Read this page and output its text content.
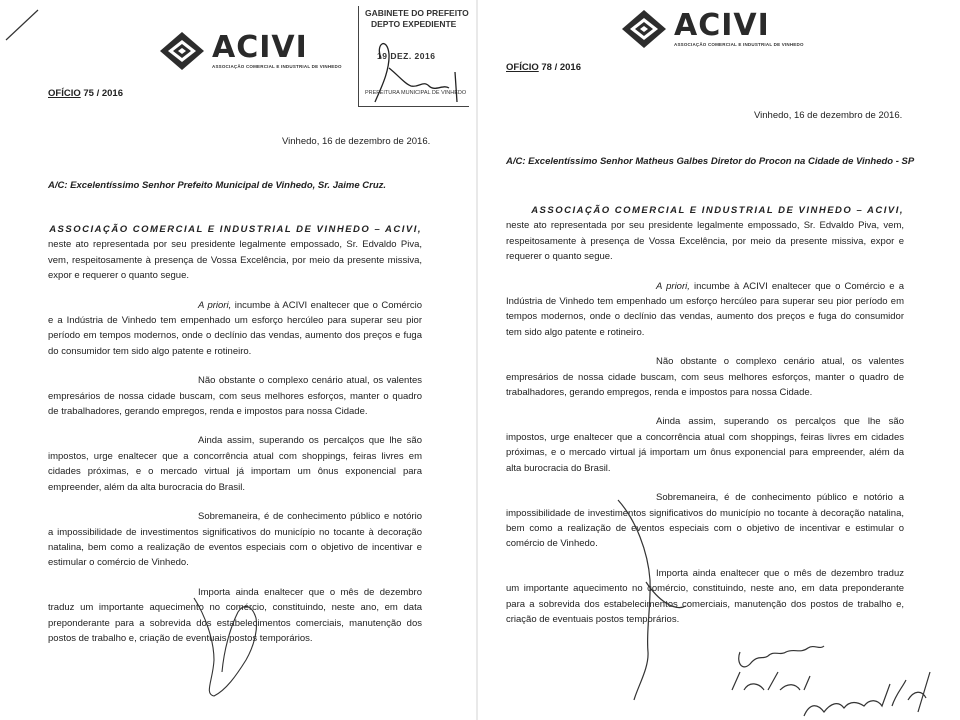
ACIVI
ASSOCIAÇÃO COMERCIAL E INDUSTRIAL DE VINHEDO
OFÍCIO 75 / 2016
Vinhedo, 16 de dezembro de 2016.
A/C: Excelentíssimo Senhor Prefeito Municipal de Vinhedo, Sr. Jaime Cruz.

ASSOCIAÇÃO COMERCIAL E INDUSTRIAL DE VINHEDO – ACIVI,
neste ato representada por seu presidente legalmente empossado, Sr. Edvaldo Piva, vem, respeitosamente à presença de Vossa Excelência, por meio da presente missiva, expor e requerer o quanto segue.

A priori, incumbe à ACIVI enaltecer que o Comércio e a Indústria de Vinhedo tem empenhado um esforço hercúleo para superar seu pior período em tempos modernos, onde o declínio das vendas, aumento dos preços e fuga do consumidor tem sido algo patente e rotineiro.

Não obstante o complexo cenário atual, os valentes empresários de nossa cidade buscam, com seus melhores esforços, manter o quadro de trabalhadores, gerando empregos, renda e impostos para nossa Cidade.

Ainda assim, superando os percalços que lhe são impostos, urge enaltecer que a concorrência atual com shoppings, feiras livres em cidades próximas, e o mercado virtual já importam um ônus exponencial para empreender, além da alta burocracia do Brasil.

Sobremaneira, é de conhecimento público e notório a impossibilidade de investimentos significativos do município no tocante à decoração natalina, bem como a realização de eventos especiais com o objetivo de incentivar e estimular o comércio de Vinhedo.

Importa ainda enaltecer que o mês de dezembro traduz um importante aquecimento no comércio, constituindo, neste ano, em data preponderante para a sobrevida dos estabelecimentos comerciais, manutenção dos postos de trabalho e, criação de eventuais postos temporários.

GABINETE DO PREFEITO
DEPTO EXPEDIENTE
19 DEZ. 2016
PREFEITURA MUNICIPAL DE VINHEDO
ACIVI
ASSOCIAÇÃO COMERCIAL E INDUSTRIAL DE VINHEDO
OFÍCIO 78 / 2016
Vinhedo, 16 de dezembro de 2016.
A/C: Excelentíssimo Senhor Matheus Galbes Diretor do Procon na Cidade de Vinhedo - SP

ASSOCIAÇÃO COMERCIAL E INDUSTRIAL DE VINHEDO – ACIVI,
neste ato representada por seu presidente legalmente empossado, Sr. Edvaldo Piva, vem, respeitosamente à presença de Vossa Excelência, por meio da presente missiva, expor e requerer o quanto segue.

A priori, incumbe à ACIVI enaltecer que o Comércio e a Indústria de Vinhedo tem empenhado um esforço hercúleo para superar seu pior período em tempos modernos, onde o declínio das vendas, aumento dos preços e fuga do consumidor tem sido algo patente e rotineiro.

Não obstante o complexo cenário atual, os valentes empresários de nossa cidade buscam, com seus melhores esforços, manter o quadro de trabalhadores, gerando empregos, renda e impostos para nossa Cidade.

Ainda assim, superando os percalços que lhe são impostos, urge enaltecer que a concorrência atual com shoppings, feiras livres em cidades próximas, e o mercado virtual já importam um ônus exponencial para empreender, além da alta burocracia do Brasil.

Sobremaneira, é de conhecimento público e notório a impossibilidade de investimentos significativos do município no tocante à decoração natalina, bem como a realização de eventos especiais com o objetivo de incentivar e estimular o comércio de Vinhedo.

Importa ainda enaltecer que o mês de dezembro traduz um importante aquecimento no comércio, constituindo, neste ano, em data preponderante para a sobrevida dos estabelecimentos comerciais, manutenção dos postos de trabalho e, criação de eventuais postos temporários.
